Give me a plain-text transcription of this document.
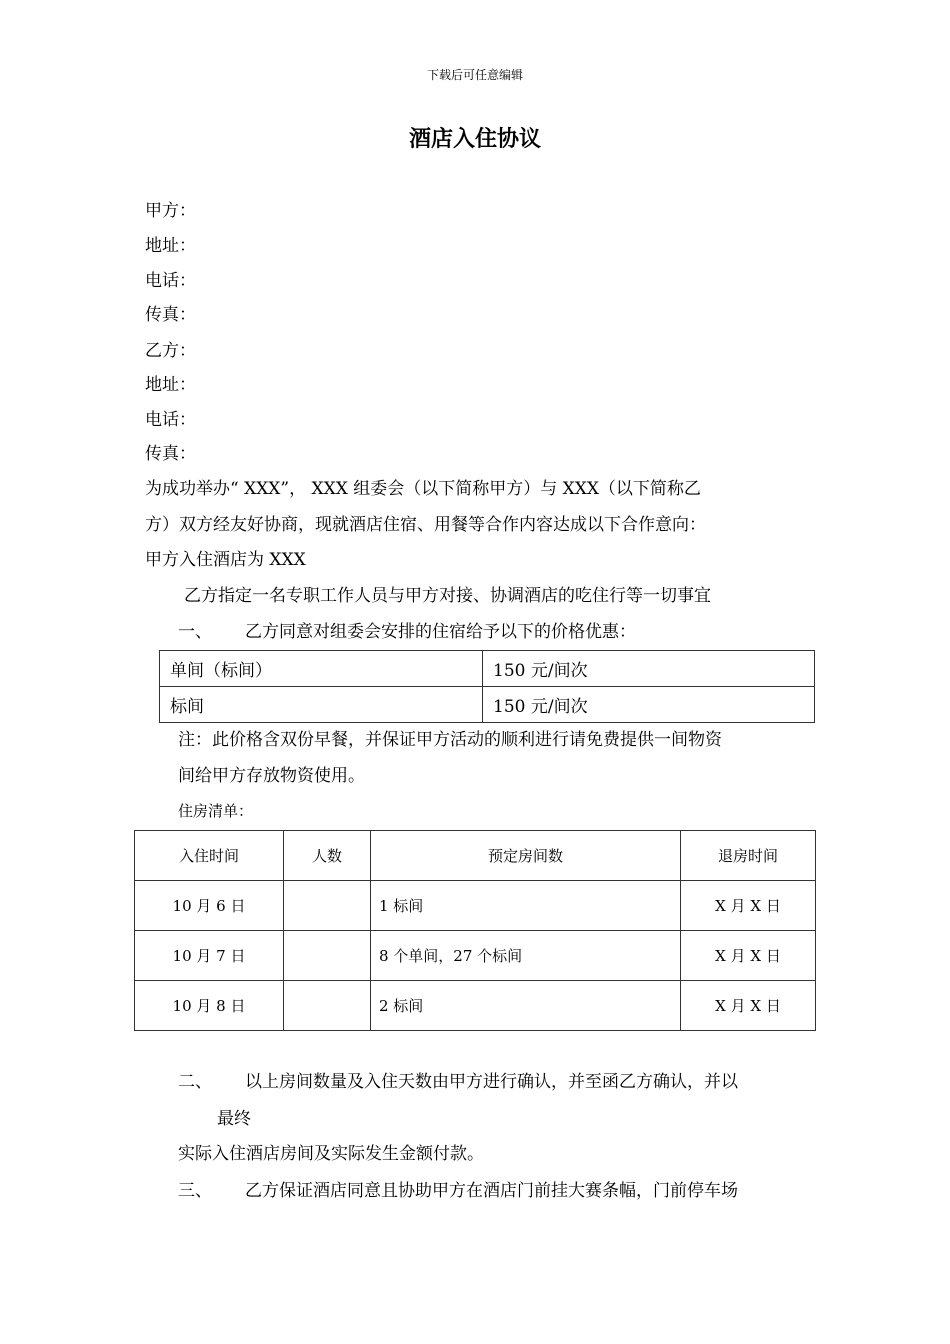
下载后可任意编辑
酒店入住协议
甲方：
地址：
电话：
传真：
乙方：
地址：
电话：
传真：
为成功举办“ XXX”， XXX 组委会（以下简称甲方）与 XXX（以下简称乙
方）双方经友好协商，现就酒店住宿、用餐等合作内容达成以下合作意向：
甲方入住酒店为 XXX
乙方指定一名专职工作人员与甲方对接、协调酒店的吃住行等一切事宜
一、 乙方同意对组委会安排的住宿给予以下的价格优惠：
单间（标间）	150 元/间次
标间	150 元/间次
注：此价格含双份早餐，并保证甲方活动的顺利进行请免费提供一间物资
间给甲方存放物资使用。
住房清单：
入住时间	人数	预定房间数	退房时间
10 月 6 日		1 标间	X 月 X 日
10 月 7 日		8 个单间，27 个标间	X 月 X 日
10 月 8 日		2 标间	X 月 X 日
二、 以上房间数量及入住天数由甲方进行确认，并至函乙方确认，并以
最终
实际入住酒店房间及实际发生金额付款。
三、 乙方保证酒店同意且协助甲方在酒店门前挂大赛条幅，门前停车场
